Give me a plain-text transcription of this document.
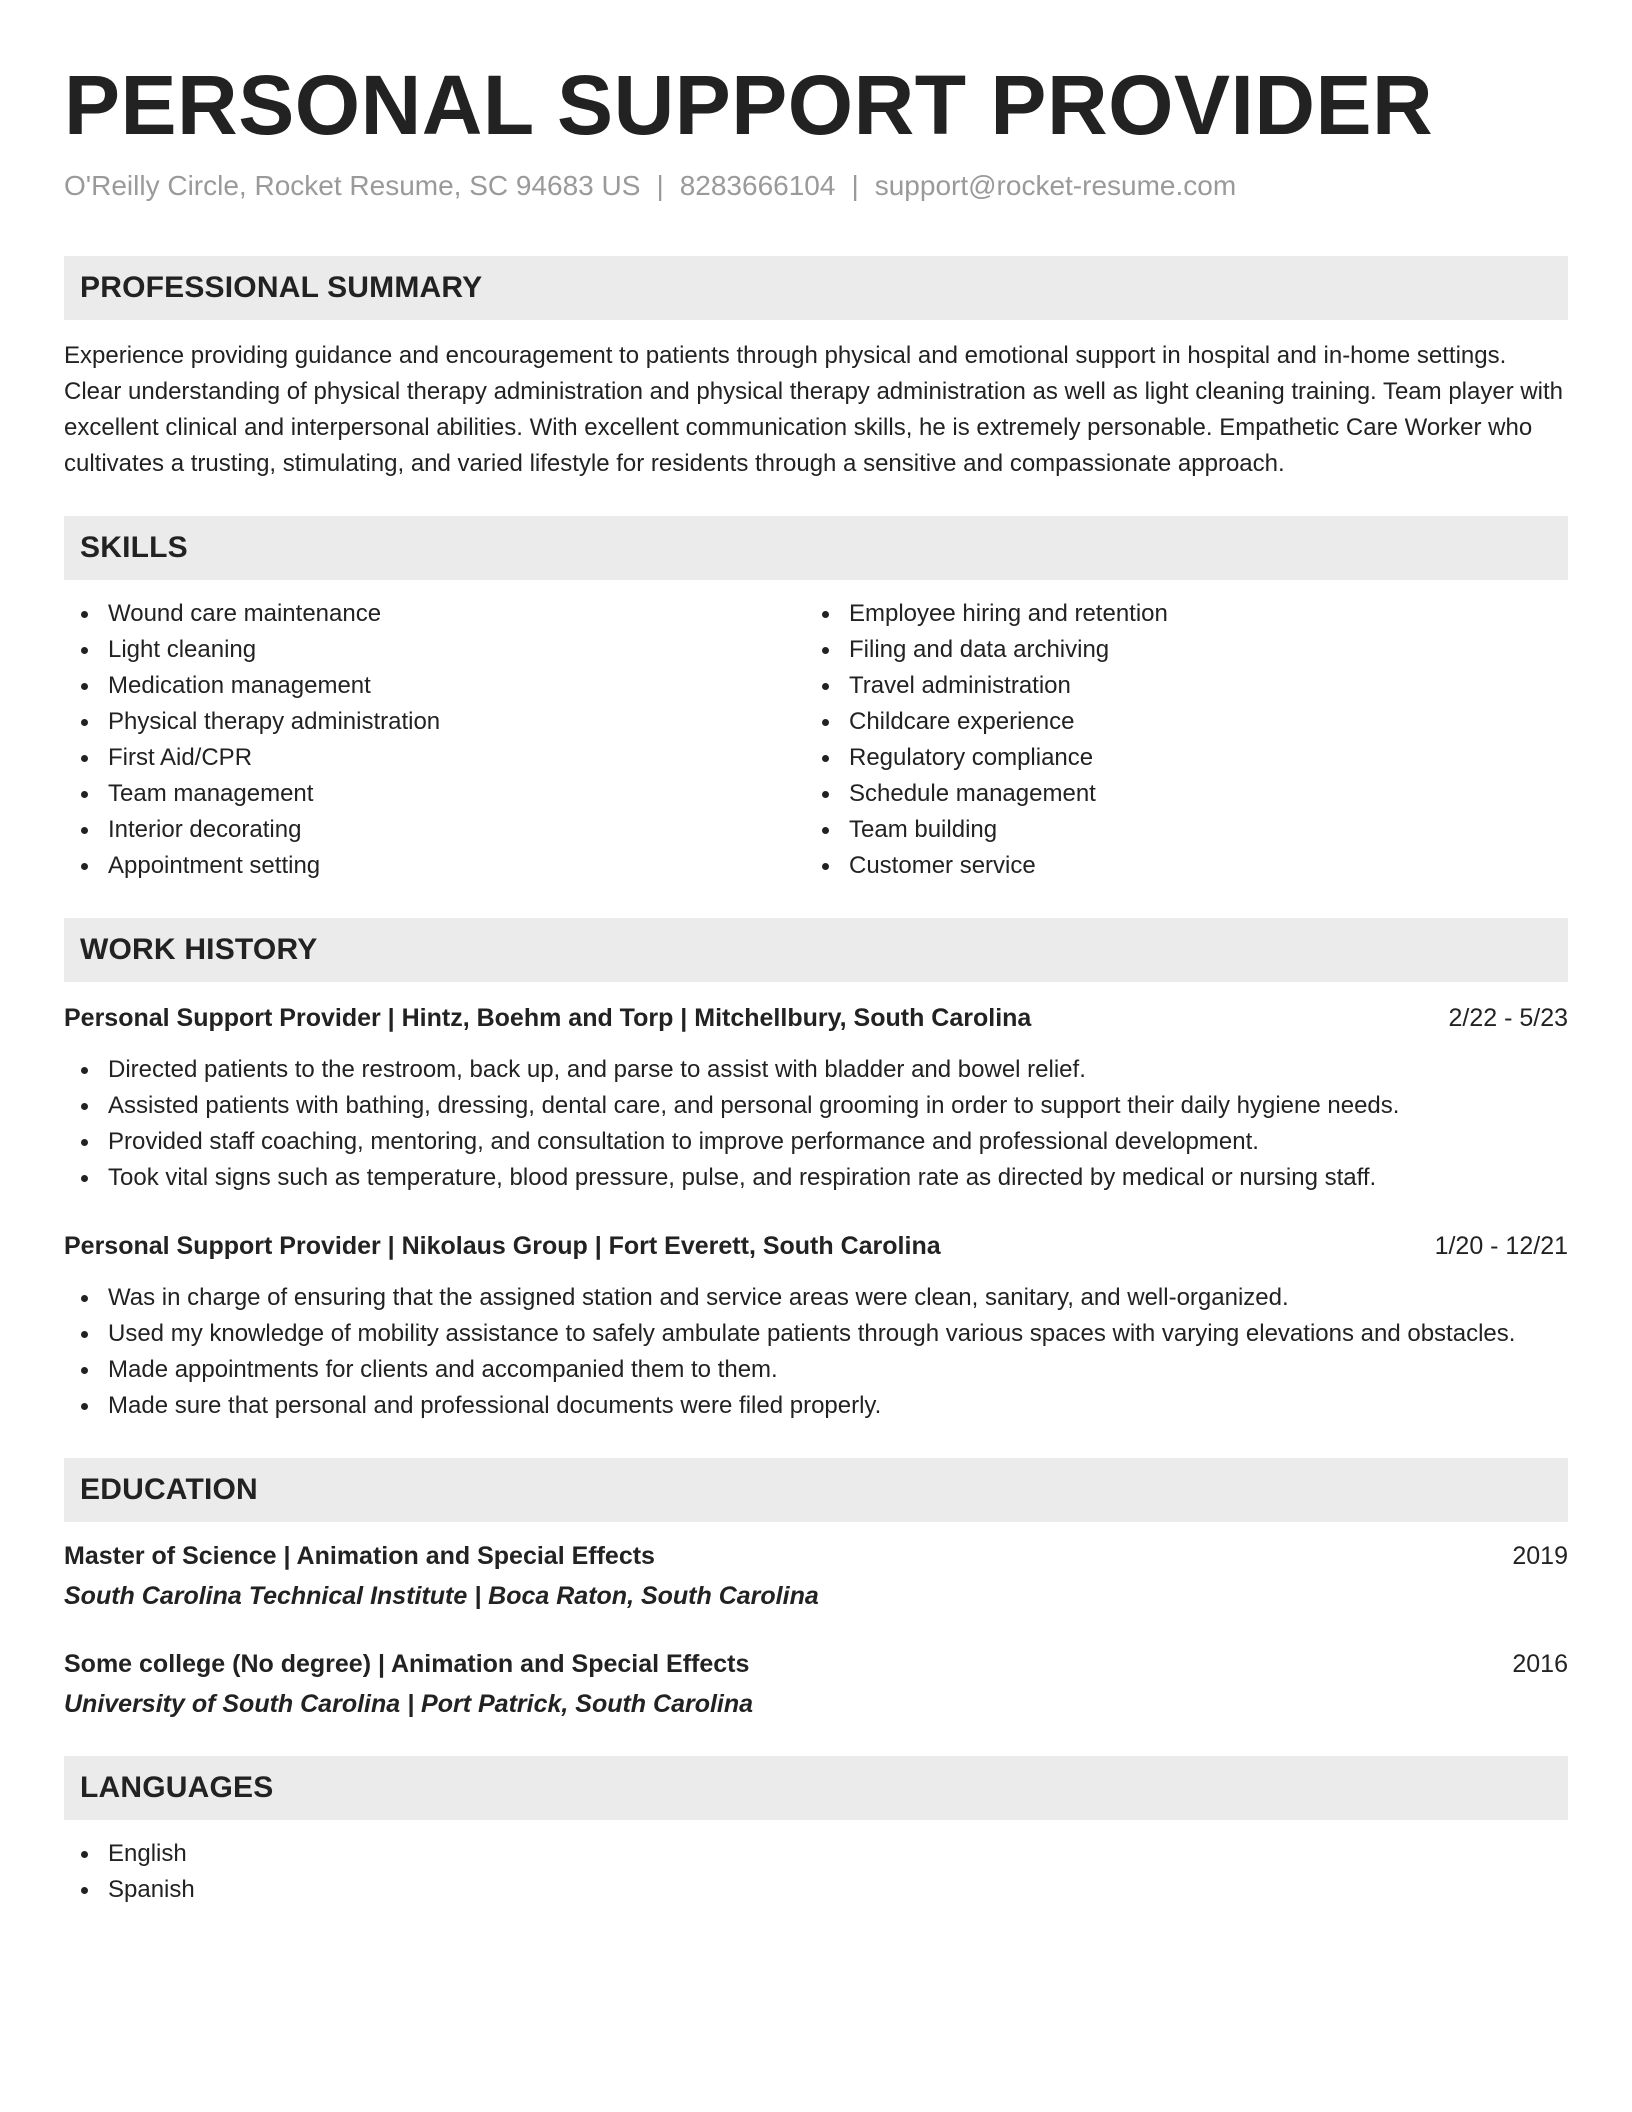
PERSONAL SUPPORT PROVIDER
O'Reilly Circle, Rocket Resume, SC 94683 US | 8283666104 | support@rocket-resume.com
PROFESSIONAL SUMMARY

Experience providing guidance and encouragement to patients through physical and emotional support in hospital and in-home settings. Clear understanding of physical therapy administration and physical therapy administration as well as light cleaning training. Team player with excellent clinical and interpersonal abilities. With excellent communication skills, he is extremely personable. Empathetic Care Worker who cultivates a trusting, stimulating, and varied lifestyle for residents through a sensitive and compassionate approach.

SKILLS
Wound care maintenance
Light cleaning
Medication management
Physical therapy administration
First Aid/CPR
Team management
Interior decorating
Appointment setting
Employee hiring and retention
Filing and data archiving
Travel administration
Childcare experience
Regulatory compliance
Schedule management
Team building
Customer service
WORK HISTORY
Personal Support Provider | Hintz, Boehm and Torp | Mitchellbury, South Carolina	2/22 - 5/23
Directed patients to the restroom, back up, and parse to assist with bladder and bowel relief.
Assisted patients with bathing, dressing, dental care, and personal grooming in order to support their daily hygiene needs.
Provided staff coaching, mentoring, and consultation to improve performance and professional development.
Took vital signs such as temperature, blood pressure, pulse, and respiration rate as directed by medical or nursing staff.
Personal Support Provider | Nikolaus Group | Fort Everett, South Carolina	1/20 - 12/21
Was in charge of ensuring that the assigned station and service areas were clean, sanitary, and well-organized.
Used my knowledge of mobility assistance to safely ambulate patients through various spaces with varying elevations and obstacles.
Made appointments for clients and accompanied them to them.
Made sure that personal and professional documents were filed properly.
EDUCATION
Master of Science | Animation and Special Effects	2019
South Carolina Technical Institute | Boca Raton, South Carolina
Some college (No degree) | Animation and Special Effects	2016
University of South Carolina | Port Patrick, South Carolina
LANGUAGES
English
Spanish
